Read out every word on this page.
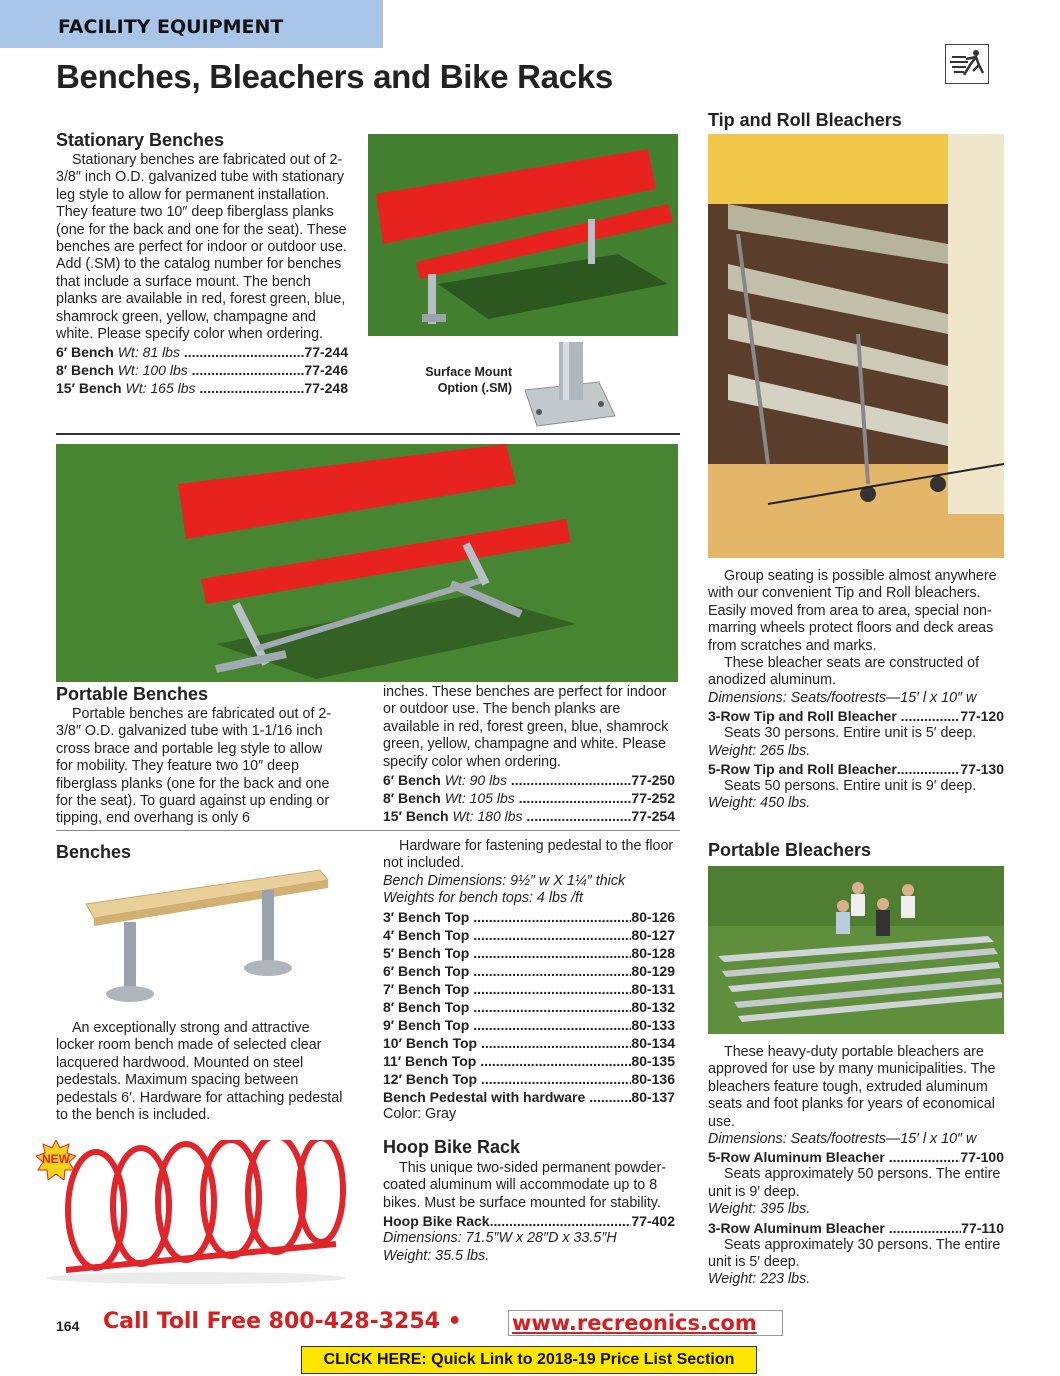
FACILITY EQUIPMENT
Benches, Bleachers and Bike Racks
Stationary Benches

Stationary benches are fabricated out of 2-3/8″ inch O.D. galvanized tube with stationary leg style to allow for permanent installation. They feature two 10″ deep fiberglass planks (one for the back and one for the seat). These benches are perfect for indoor or outdoor use. Add (.SM) to the catalog number for benches that include a surface mount. The bench planks are available in red, forest green, blue, shamrock green, yellow, champagne and white. Please specify color when ordering.

6′ Bench
Wt: 81 lbs
.....	77-244
8′ Bench
Wt: 100 lbs
.....	77-246
15′ Bench
Wt: 165 lbs
.....	77-248
Surface Mount Option (.SM)
Tip and Roll Bleachers

Group seating is possible almost anywhere with our convenient Tip and Roll bleachers. Easily moved from area to area, special non-marring wheels protect floors and deck areas from scratches and marks.

These bleacher seats are constructed of anodized aluminum.

Dimensions: Seats/footrests—15′ l x 10″ w

3-Row Tip and Roll Bleacher
.....	77-120

Seats 30 persons. Entire unit is 5′ deep.

Weight: 265 lbs.

5-Row Tip and Roll Bleacher .....	77-130

Seats 50 persons. Entire unit is 9′ deep.

Weight: 450 lbs.

Portable Benches

Portable benches are fabricated out of 2-3/8″ O.D. galvanized tube with 1-1/16 inch cross brace and portable leg style to allow for mobility. They feature two 10″ deep fiberglass planks (one for the back and one for the seat). To guard against up ending or tipping, end overhang is only 6

inches. These benches are perfect for indoor or outdoor use. The bench planks are available in red, forest green, blue, shamrock green, yellow, champagne and white. Please specify color when ordering.

6′ Bench
Wt: 90 lbs
.....	77-250
8′ Bench
Wt: 105 lbs
.....	77-252
15′ Bench
Wt: 180 lbs
.....	77-254
Benches

An exceptionally strong and attractive locker room bench made of selected clear lacquered hardwood. Mounted on steel pedestals. Maximum spacing between pedestals 6′. Hardware for attaching pedestal to the bench is included.

Hardware for fastening pedestal to the floor not included.

Bench Dimensions: 9½″ w X 1¼″ thick

Weights for bench tops: 4 lbs /ft

3′ Bench Top
.....	80-126
4′ Bench Top
.....	80-127
5′ Bench Top
.....	80-128
6′ Bench Top
.....	80-129
7′ Bench Top
.....	80-131
8′ Bench Top
.....	80-132
9′ Bench Top
.....	80-133
10′ Bench Top
.....	80-134
11′ Bench Top
.....	80-135
12′ Bench Top
.....	80-136
Bench Pedestal with hardware
.....	80-137

Color: Gray

Portable Bleachers

These heavy-duty portable bleachers are approved for use by many municipalities. The bleachers feature tough, extruded aluminum seats and foot planks for years of economical use.

Dimensions: Seats/footrests—15′ l x 10″ w

5-Row Aluminum Bleacher
.....	77-100

Seats approximately 50 persons. The entire unit is 9′ deep.

Weight: 395 lbs.

3-Row Aluminum Bleacher
.....	77-110

Seats approximately 30 persons. The entire unit is 5′ deep.

Weight: 223 lbs.

NEW
Hoop Bike Rack

This unique two-sided permanent powder-coated aluminum will accommodate up to 8 bikes. Must be surface mounted for stability.

Hoop Bike Rack .....	77-402

Dimensions: 71.5″W x 28″D x 33.5″H

Weight: 35.5 lbs.

164 Call Toll Free 800-428-3254 • www.recreonics.com
CLICK HERE: Quick Link to 2018-19 Price List Section
